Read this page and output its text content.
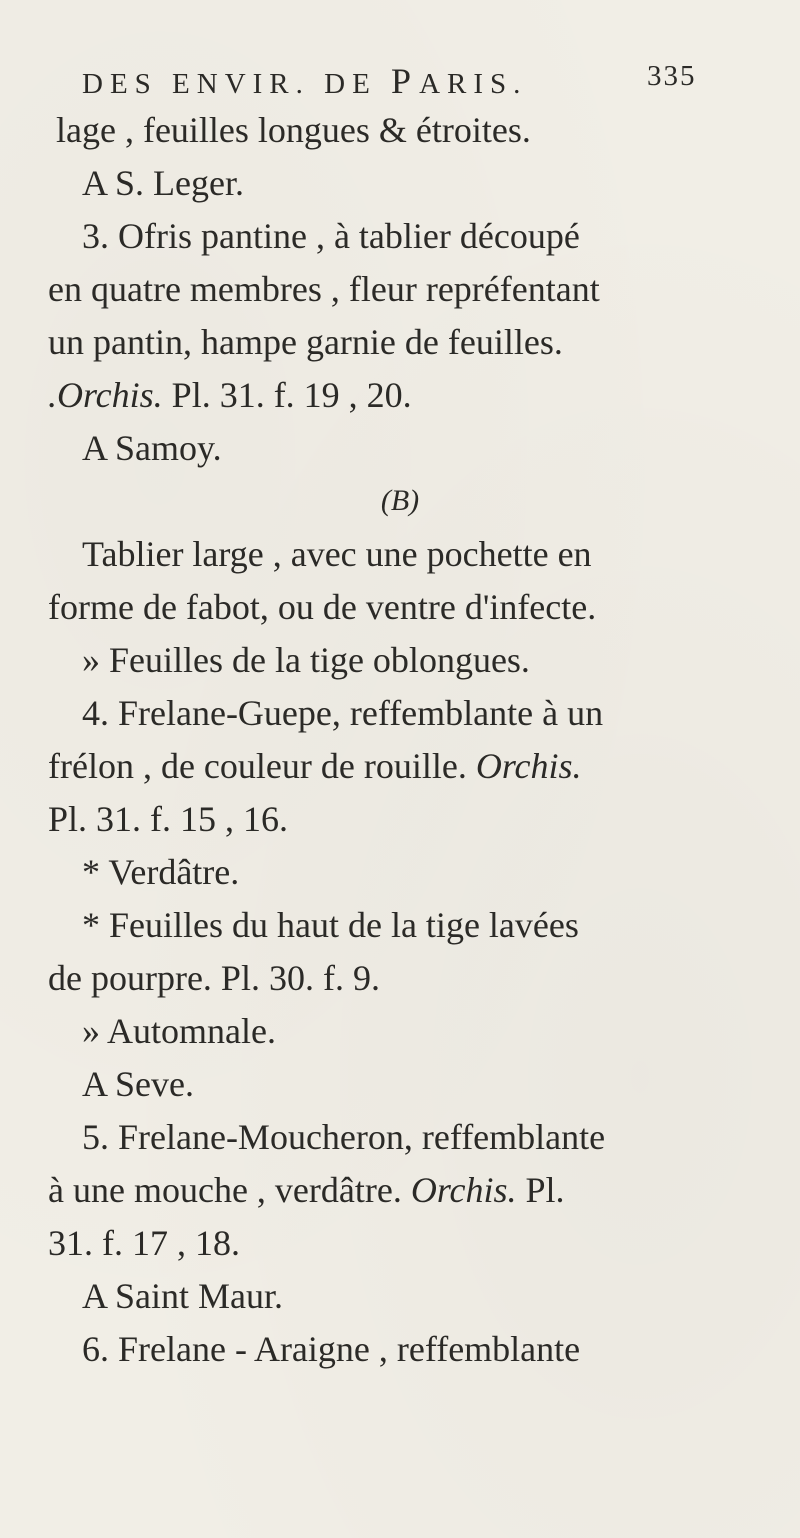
DES ENVIR. DE PARIS.	335
lage , feuilles longues & étroites.
A S. Leger.
3. Ofris pantine , à tablier découpé
en quatre membres , fleur repréfentant
un pantin, hampe garnie de feuilles.
.Orchis. Pl. 31. f. 19 , 20.
A Samoy.
(B)
Tablier large , avec une pochette en
forme de fabot, ou de ventre d'infecte.
» Feuilles de la tige oblongues.
4. Frelane-Guepe, reffemblante à un
frélon , de couleur de rouille. Orchis.
Pl. 31. f. 15 , 16.
* Verdâtre.
* Feuilles du haut de la tige lavées
de pourpre. Pl. 30. f. 9.
» Automnale.
A Seve.
5. Frelane-Moucheron, reffemblante
à une mouche , verdâtre. Orchis. Pl.
31. f. 17 , 18.
A Saint Maur.
6. Frelane - Araigne , reffemblante
